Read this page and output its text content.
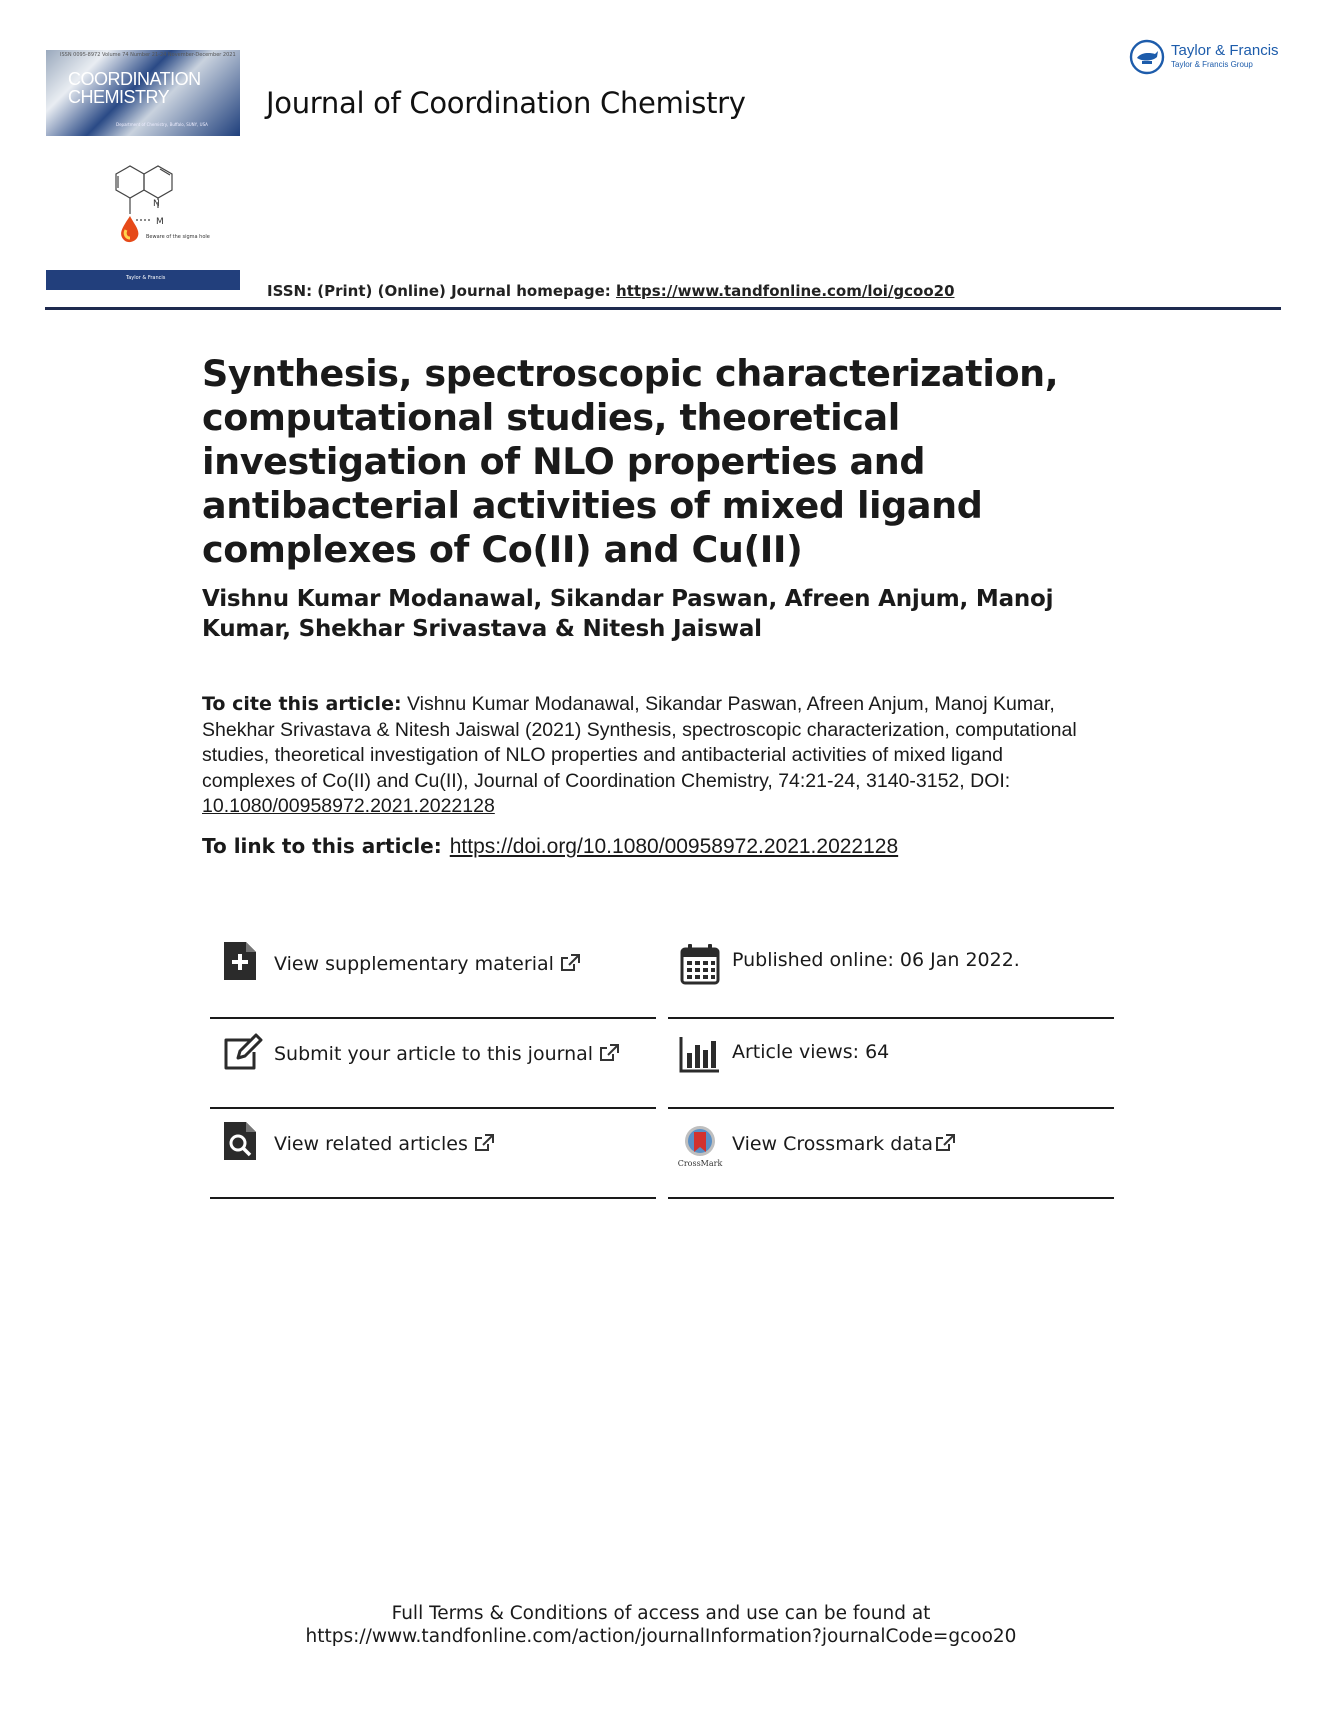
ISSN 0095-8972 Volume 74 Number 21-24 November-December 2021
COORDINATION CHEMISTRY
Department of Chemistry, Buffalo, SUNY, USA
N
M
Beware of the sigma hole
Taylor & Francis
Journal of Coordination Chemistry
Taylor & Francis
Taylor & Francis Group
ISSN: (Print) (Online) Journal homepage: https://www.tandfonline.com/loi/gcoo20
Synthesis, spectroscopic characterization, computational studies, theoretical investigation of NLO properties and antibacterial activities of mixed ligand complexes of Co(II) and Cu(II)
Vishnu Kumar Modanawal, Sikandar Paswan, Afreen Anjum, Manoj Kumar, Shekhar Srivastava & Nitesh Jaiswal
To cite this article: Vishnu Kumar Modanawal, Sikandar Paswan, Afreen Anjum, Manoj Kumar, Shekhar Srivastava & Nitesh Jaiswal (2021) Synthesis, spectroscopic characterization, computational studies, theoretical investigation of NLO properties and antibacterial activities of mixed ligand complexes of Co(II) and Cu(II), Journal of Coordination Chemistry, 74:21-24, 3140-3152, DOI: 10.1080/00958972.2021.2022128
To link to this article: https://doi.org/10.1080/00958972.2021.2022128
View supplementary material	Published online: 06 Jan 2022.
Submit your article to this journal	Article views: 64
View related articles
CrossMark
View Crossmark data
Full Terms & Conditions of access and use can be found at
https://www.tandfonline.com/action/journalInformation?journalCode=gcoo20
